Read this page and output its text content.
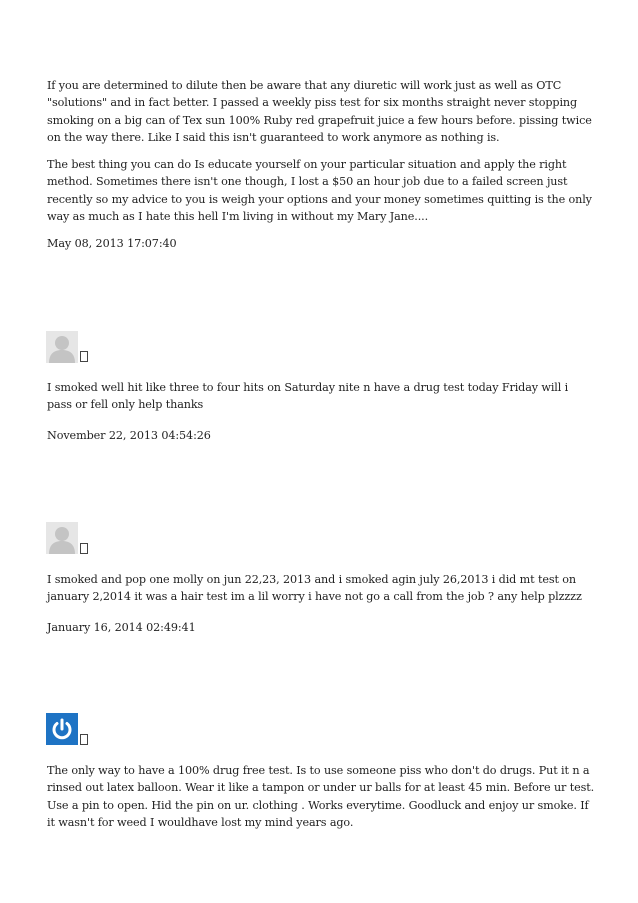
If you are determined to dilute then be aware that any diuretic will work just as well as OTC "solutions" and in fact better. I passed a weekly piss test for six months straight never stopping smoking on a big can of Tex sun 100% Ruby red grapefruit juice a few hours before. pissing twice on the way there. Like I said this isn't guaranteed to work anymore as nothing is.

The best thing you can do Is educate yourself on your particular situation and apply the right method. Sometimes there isn't one though, I lost a $50 an hour job due to a failed screen just recently so my advice to you is weigh your options and your money sometimes quitting is the only way as much as I hate this hell I'm living in without my Mary Jane....

May 08, 2013 17:07:40

I smoked well hit like three to four hits on Saturday nite n have a drug test today Friday will i pass or fell only help thanks

November 22, 2013 04:54:26

I smoked and pop one molly on jun 22,23, 2013 and i smoked agin july 26,2013 i did mt test on january 2,2014 it was a hair test im a lil worry i have not go a call from the job ? any help plzzzz

January 16, 2014 02:49:41

The only way to have a 100% drug free test. Is to use someone piss who don't do drugs. Put it n a rinsed out latex balloon. Wear it like a tampon or under ur balls for at least 45 min. Before ur test. Use a pin to open. Hid the pin on ur. clothing . Works everytime. Goodluck and enjoy ur smoke. If it wasn't for weed I wouldhave lost my mind years ago.
